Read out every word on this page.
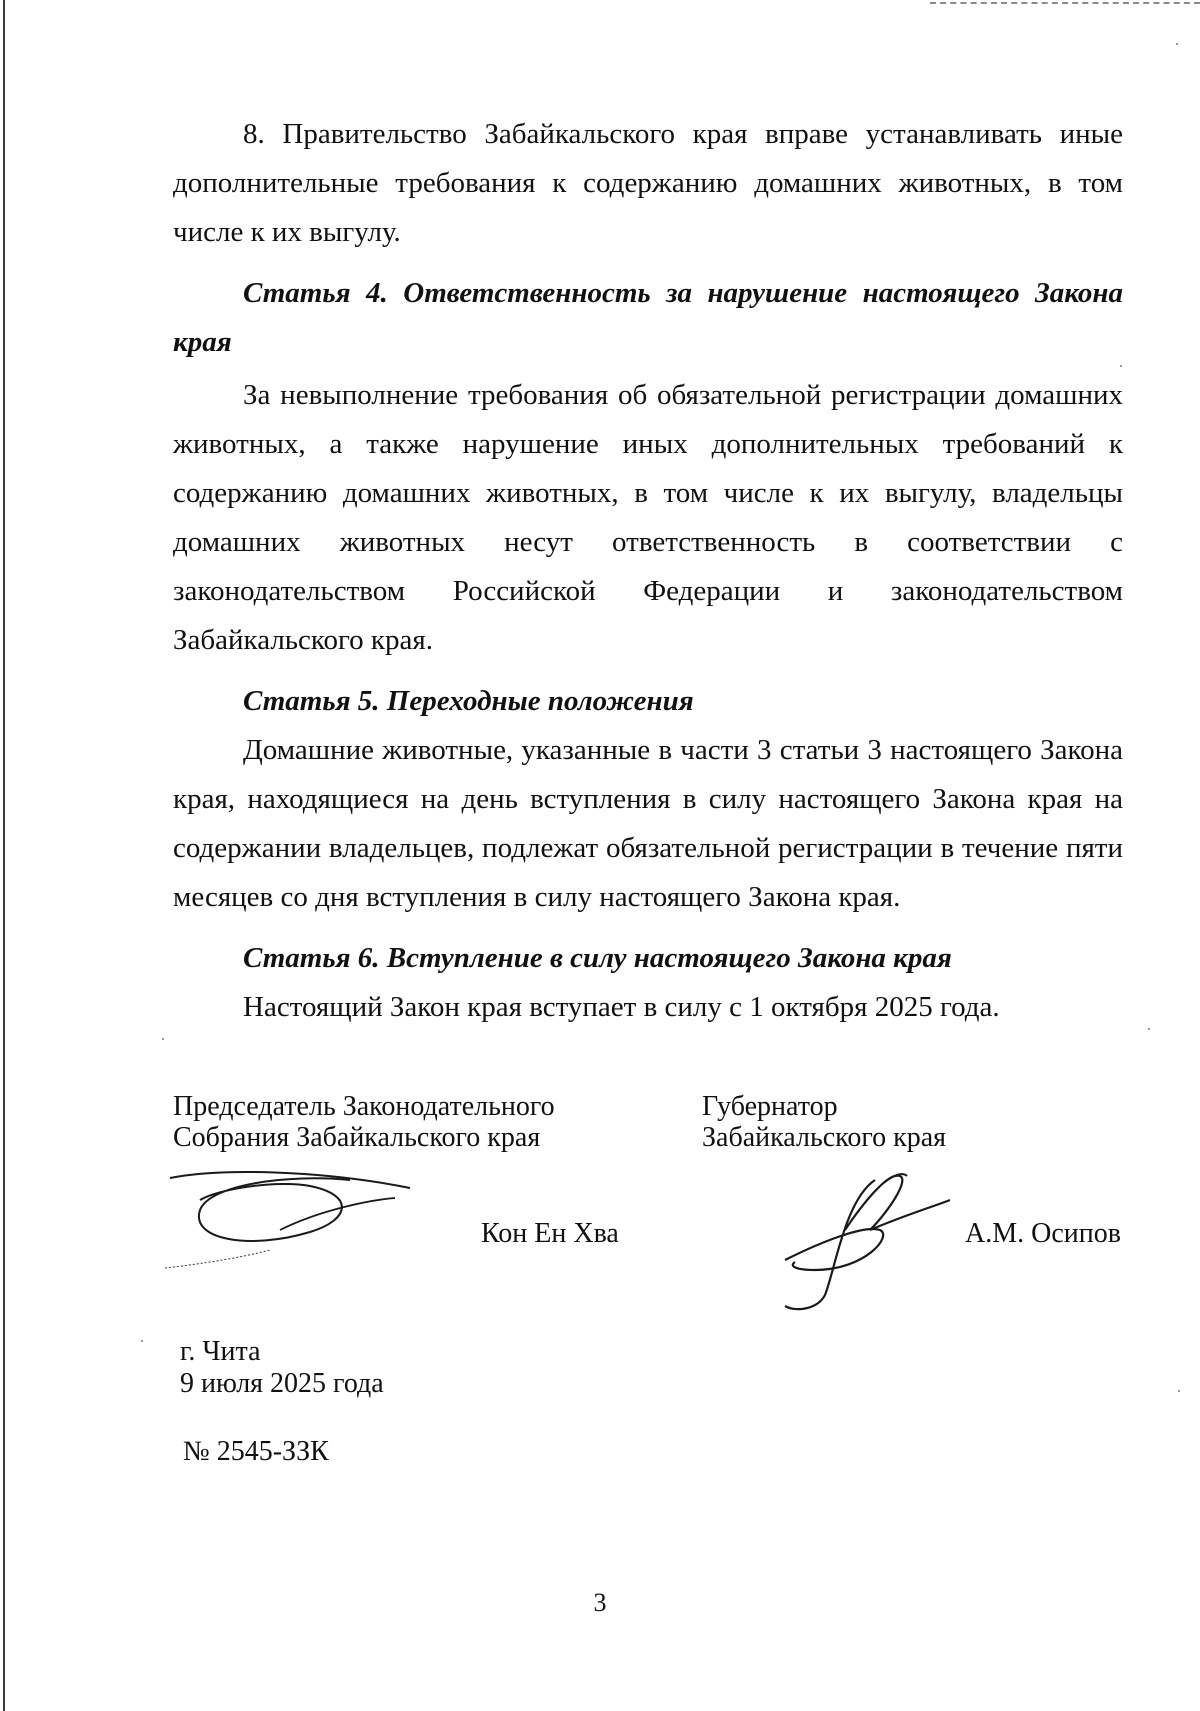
8. Правительство Забайкальского края вправе устанавливать иные дополнительные требования к содержанию домашних животных, в том числе к их выгулу.

Статья 4. Ответственность за нарушение настоящего Закона края

За невыполнение требования об обязательной регистрации домашних животных, а также нарушение иных дополнительных требований к содержанию домашних животных, в том числе к их выгулу, владельцы домашних животных несут ответственность в соответствии с законодательством Российской Федерации и законодательством Забайкальского края.

Статья 5. Переходные положения

Домашние животные, указанные в части 3 статьи 3 настоящего Закона края, находящиеся на день вступления в силу настоящего Закона края на содержании владельцев, подлежат обязательной регистрации в течение пяти месяцев со дня вступления в силу настоящего Закона края.

Статья 6. Вступление в силу настоящего Закона края

Настоящий Закон края вступает в силу с 1 октября 2025 года.

Председатель Законодательного
Собрания Забайкальского края
Губернатор
Забайкальского края
Кон Ен Хва	А.М. Осипов
г. Чита
9 июля 2025 года
№ 2545-ЗЗК
3
